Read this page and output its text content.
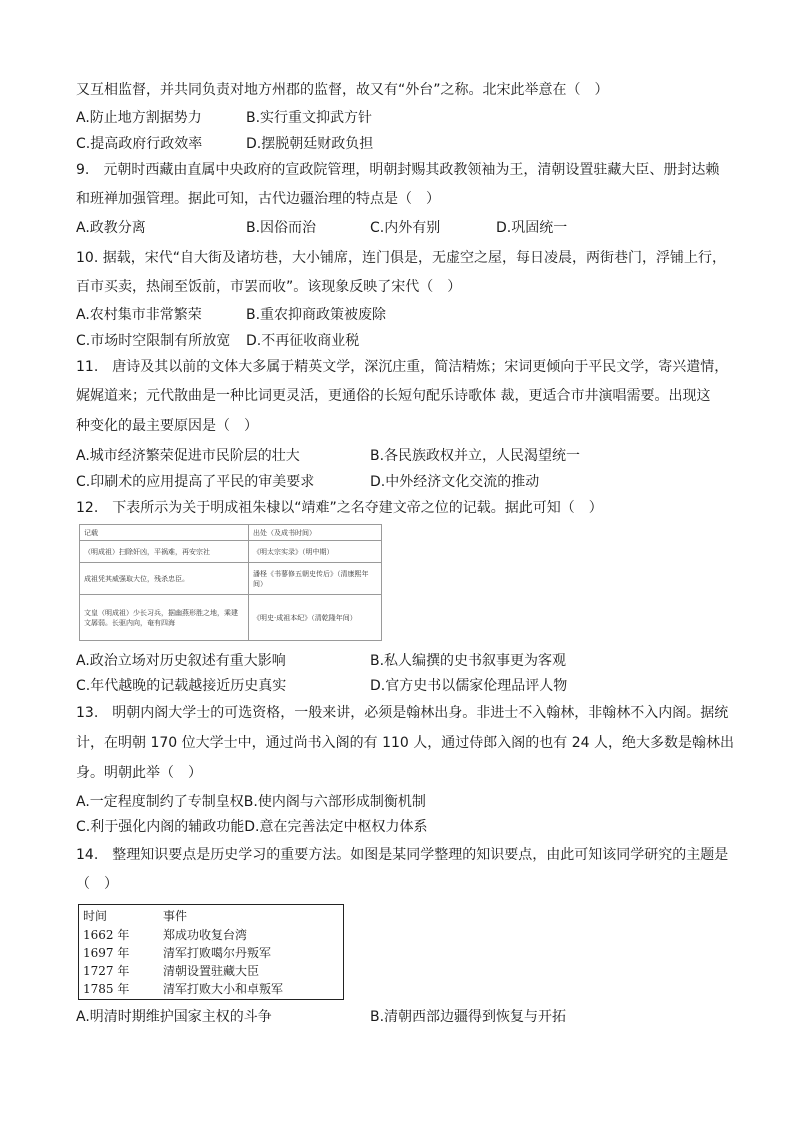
又互相监督，并共同负责对地方州郡的监督，故又有“外台”之称。北宋此举意在（　）
A.防止地方割据势力	B.实行重文抑武方针
C.提高政府行政效率	D.摆脱朝廷财政负担
9.　元朝时西藏由直属中央政府的宣政院管理，明朝封赐其政教领袖为王，清朝设置驻藏大臣、册封达赖
和班禅加强管理。据此可知，古代边疆治理的特点是（　）
A.政教分离	B.因俗而治	C.内外有别	D.巩固统一
10. 据载，宋代“自大街及诸坊巷，大小铺席，连门俱是，无虚空之屋，每日凌晨，两街巷门，浮铺上行，
百市买卖，热闹至饭前，市罢而收”。该现象反映了宋代（　）
A.农村集市非常繁荣	B.重农抑商政策被废除
C.市场时空限制有所放宽 D.不再征收商业税
11.　唐诗及其以前的文体大多属于精英文学，深沉庄重，简洁精炼；宋词更倾向于平民文学，寄兴遣情，
娓娓道来；元代散曲是一种比词更灵活，更通俗的长短句配乐诗歌体 裁，更适合市井演唱需要。出现这
种变化的最主要原因是（　）
A.城市经济繁荣促进市民阶层的壮大	B.各民族政权并立，人民渴望统一
C.印刷术的应用提高了平民的审美要求	D.中外经济文化交流的推动
12.　下表所示为关于明成祖朱棣以“靖难”之名夺建文帝之位的记载。据此可知（　）
记载	出处（及成书时间）
（明成祖）扫除奸凶，平祸难，再安宗社	《明太宗实录》（明中期）
成祖凭其威强取大位，残杀忠臣。	潘柽《书蓼修五朝史传后》（清康熙年间）
文皇（明成祖）少长习兵，据幽燕形胜之地，乘建文孱弱。长驱内向，奄有四海	《明史·成祖本纪》（清乾隆年间）
A.政治立场对历史叙述有重大影响	B.私人编撰的史书叙事更为客观
C.年代越晚的记载越接近历史真实	D.官方史书以儒家伦理品评人物
13.　明朝内阁大学士的可选资格，一般来讲，必须是翰林出身。非进士不入翰林，非翰林不入内阁。据统
计，在明朝 170 位大学士中，通过尚书入阁的有 110 人，通过侍郎入阁的也有 24 人，绝大多数是翰林出
身。明朝此举（　）
A.一定程度制约了专制皇权B.使内阁与六部形成制衡机制
C.利于强化内阁的辅政功能D.意在完善法定中枢权力体系
14.　整理知识要点是历史学习的重要方法。如图是某同学整理的知识要点，由此可知该同学研究的主题是
（　）
时间	事件
1662 年	郑成功收复台湾
1697 年	清军打败噶尔丹叛军
1727 年	清朝设置驻藏大臣
1785 年	清军打败大小和卓叛军
A.明清时期维护国家主权的斗争	B.清朝西部边疆得到恢复与开拓
